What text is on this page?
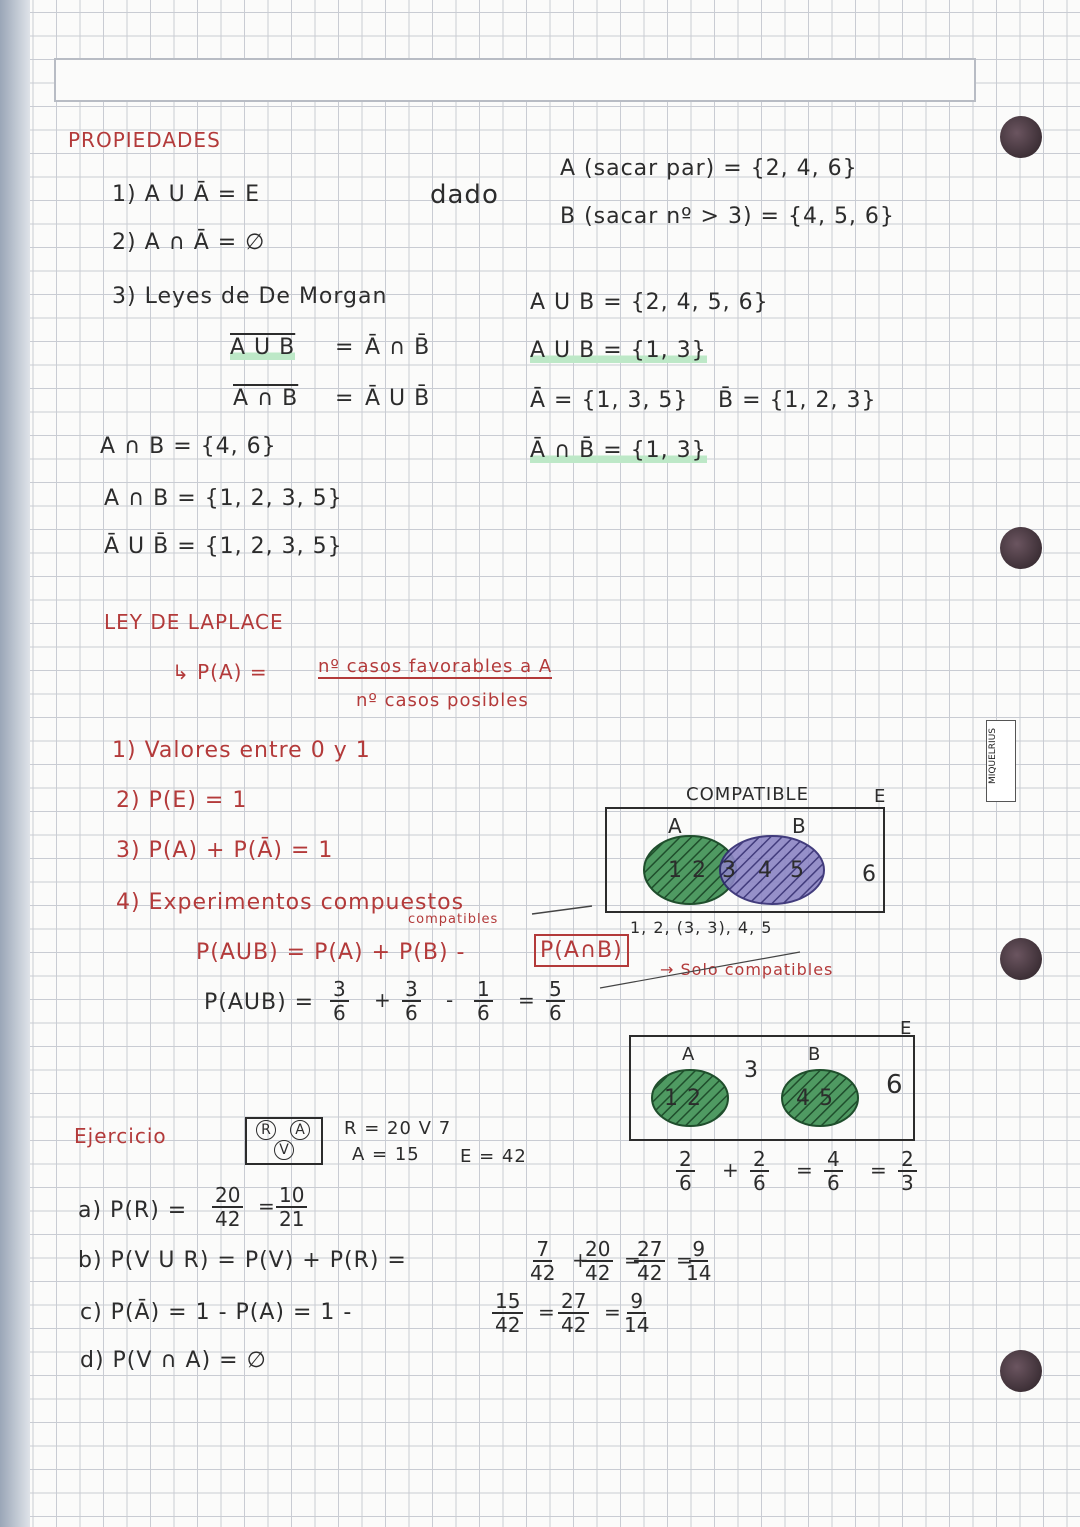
MIQUELRIUS
PROPIEDADES
1) A U Ā = E
2) A ∩ Ā = ∅
3) Leyes de De Morgan
A U B = Ā ∩ B̄
A ∩ B = Ā U B̄
dado
A (sacar par) = {2, 4, 6}
B (sacar nº > 3) = {4, 5, 6}
A U B = {2, 4, 5, 6}
A U B = {1, 3}
Ā = {1, 3, 5} B̄ = {1, 2, 3}
Ā ∩ B̄ = {1, 3}
A ∩ B = {4, 6}
A ∩ B = {1, 2, 3, 5}
Ā U B̄ = {1, 2, 3, 5}
LEY DE LAPLACE
↳ P(A) =	nº casos favorables a A
nº casos posibles
1) Valores entre 0 y 1
2) P(E) = 1
3) P(A) + P(Ā) = 1
4) Experimentos compuestos
compatibles
P(AUB) = P(A) + P(B) -	P(A∩B)
→ Solo compatibles
$P(AUB) = \frac{3}{6} + \frac{3}{6} - \frac{1}{6} = \frac{5}{6}$
COMPATIBLE	E
A	B
1 2 3 4 5	6
1, 2, (3, 3), 4, 5
E
A	B
1 2
3
4 5 6
$\frac{2}{6} + \frac{2}{6} = \frac{4}{6} = \frac{2}{3}$
Ejercicio	R	A
V
R = 20 V 7
A = 15 E = 42
a) $P(R) = \frac{20}{42} = \frac{10}{21}$
b) P(V U R) = P(V) + P(R) =	$\frac{7}{42}$ +
$\frac{20}{42}$ =
$\frac{27}{42}$ =
$\frac{9}{14}$
c) P(Ā) = 1 - P(A) = 1 -	$\frac{15}{42} = \frac{27}{42} = \frac{9}{14}$
d) P(V ∩ A) = ∅
